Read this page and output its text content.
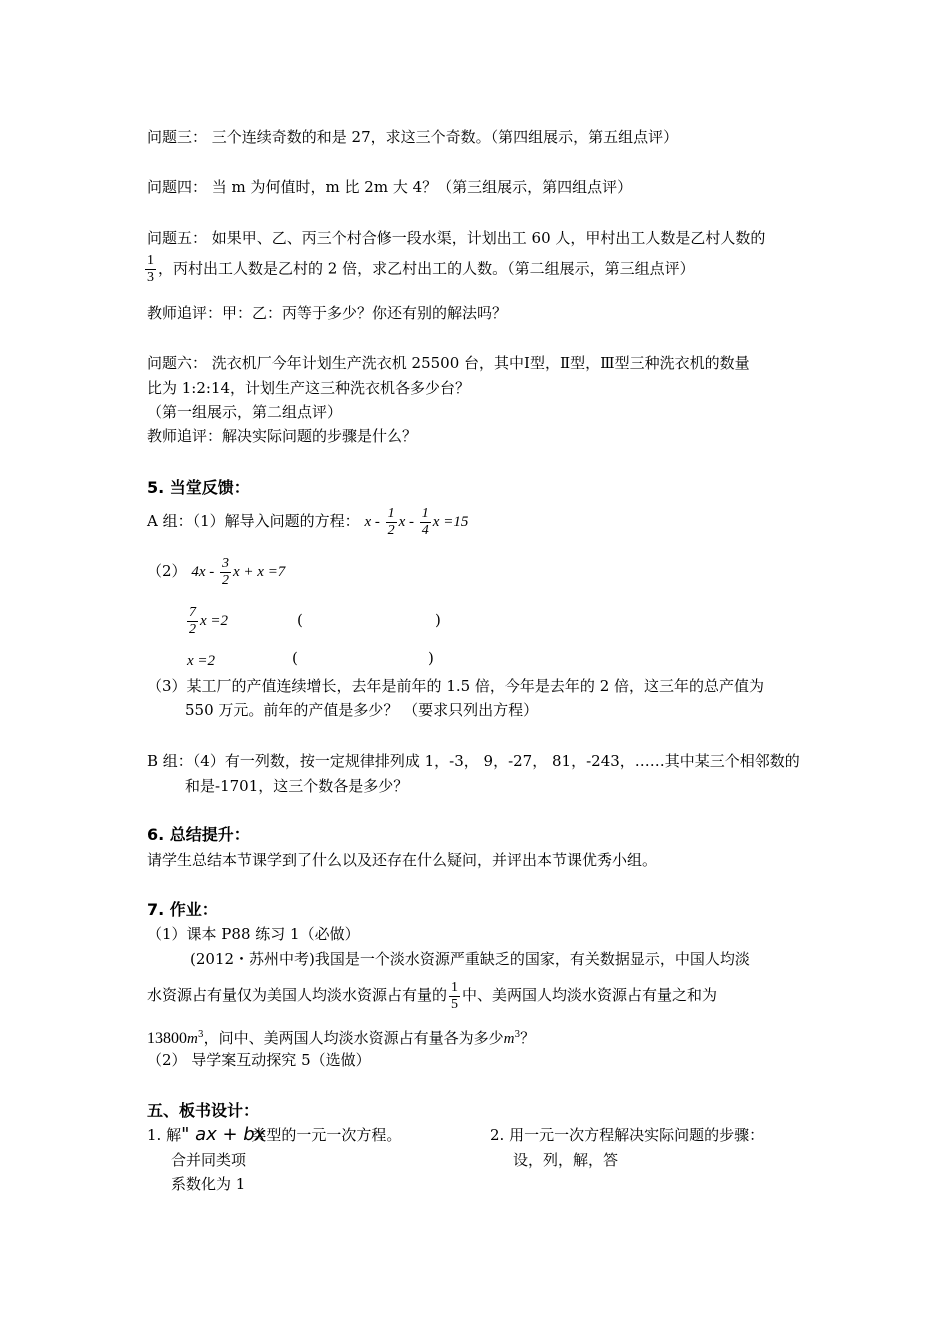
问题三： 三个连续奇数的和是 27，求这三个奇数。（第四组展示，第五组点评）
问题四： 当 m 为何值时，m 比 2m 大 4？（第三组展示，第四组点评）
问题五： 如果甲、乙、丙三个村合修一段水渠，计划出工 60 人，甲村出工人数是乙村人数的
$\frac{1}{3}$ ，丙村出工人数是乙村的 2 倍，求乙村出工的人数。（第二组展示，第三组点评）
教师追评：甲：乙：丙等于多少？你还有别的解法吗？
问题六： 洗衣机厂今年计划生产洗衣机 25500 台，其中Ⅰ型，Ⅱ型，Ⅲ型三种洗衣机的数量
比为 1:2:14，计划生产这三种洗衣机各多少台？
（第一组展示，第二组点评）
教师追评：解决实际问题的步骤是什么？
5. 当堂反馈：
A 组：（1）解导入问题的方程： x - $\frac{1}{2}$ x - $\frac{1}{4}$ x =15
（2） $4x - \frac{3}{2}$ x + x =7
$\frac{7}{2}$ x =2	(	)
x =2	(	)
（3）某工厂的产值连续增长，去年是前年的 1.5 倍，今年是去年的 2 倍，这三年的总产值为
550 万元。前年的产值是多少？ （要求只列出方程）
B 组：（4）有一列数，按一定规律排列成 1，-3， 9，-27， 81，-243，……其中某三个相邻数的
和是-1701，这三个数各是多少？
6. 总结提升：
请学生总结本节课学到了什么以及还存在什么疑问，并评出本节课优秀小组。
7. 作业：
（1）课本 P88 练习 1（必做）
(2012・苏州中考)我国是一个淡水资源严重缺乏的国家，有关数据显示，中国人均淡
水资源占有量仅为美国人均淡水资源占有量的 $\frac{1}{5}$ 中、美两国人均淡水资源占有量之和为
$13800m^3$，问中、美两国人均淡水资源占有量各为多少$m^3$？
（2） 导学案互动探究 5（选做）
五、板书设计：
1. 解" ax + bx类型的一元一次方程。
合并同类项
系数化为 1
2. 用一元一次方程解决实际问题的步骤：
设，列，解，答
